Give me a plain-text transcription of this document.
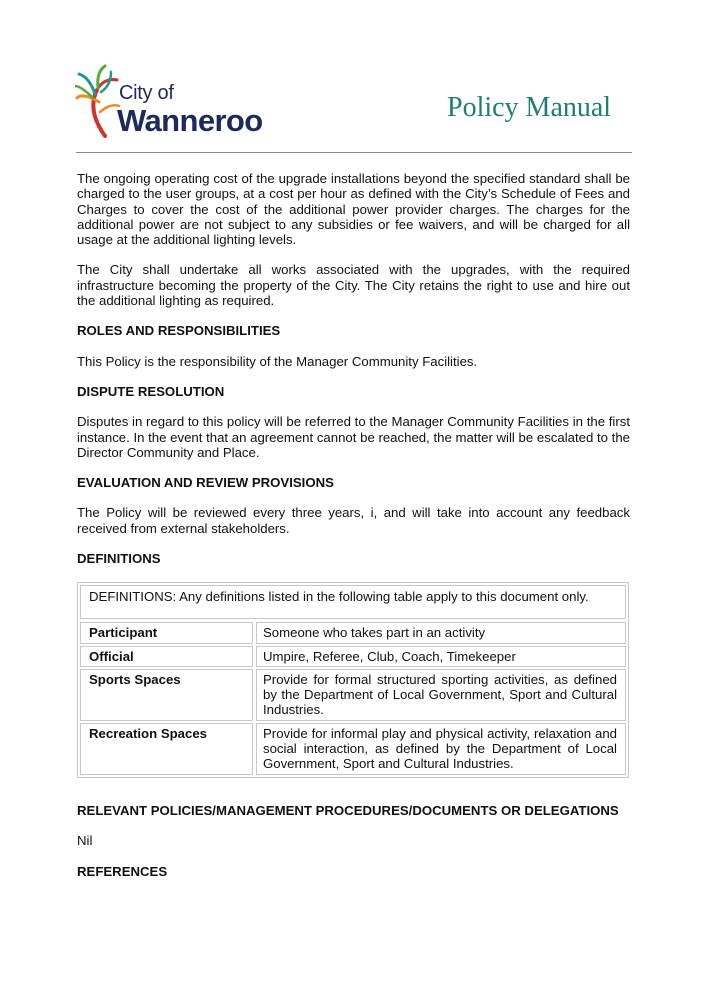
City of
Wanneroo	Policy Manual

The ongoing operating cost of the upgrade installations beyond the specified standard shall be charged to the user groups, at a cost per hour as defined with the City’s Schedule of Fees and Charges to cover the cost of the additional power provider charges. The charges for the additional power are not subject to any subsidies or fee waivers, and will be charged for all usage at the additional lighting levels.

The City shall undertake all works associated with the upgrades, with the required infrastructure becoming the property of the City. The City retains the right to use and hire out the additional lighting as required.

ROLES AND RESPONSIBILITIES

This Policy is the responsibility of the Manager Community Facilities.

DISPUTE RESOLUTION

Disputes in regard to this policy will be referred to the Manager Community Facilities in the first instance. In the event that an agreement cannot be reached, the matter will be escalated to the Director Community and Place.

EVALUATION AND REVIEW PROVISIONS

The Policy will be reviewed every three years, i, and will take into account any feedback received from external stakeholders.

DEFINITIONS
DEFINITIONS: Any definitions listed in the following table apply to this document only.
Participant	Someone who takes part in an activity
Official	Umpire, Referee, Club, Coach, Timekeeper
Sports Spaces	Provide for formal structured sporting activities, as defined by the Department of Local Government, Sport and Cultural Industries.
Recreation Spaces	Provide for informal play and physical activity, relaxation and social interaction, as defined by the Department of Local Government, Sport and Cultural Industries.
RELEVANT POLICIES/MANAGEMENT PROCEDURES/DOCUMENTS OR DELEGATIONS

Nil

REFERENCES
